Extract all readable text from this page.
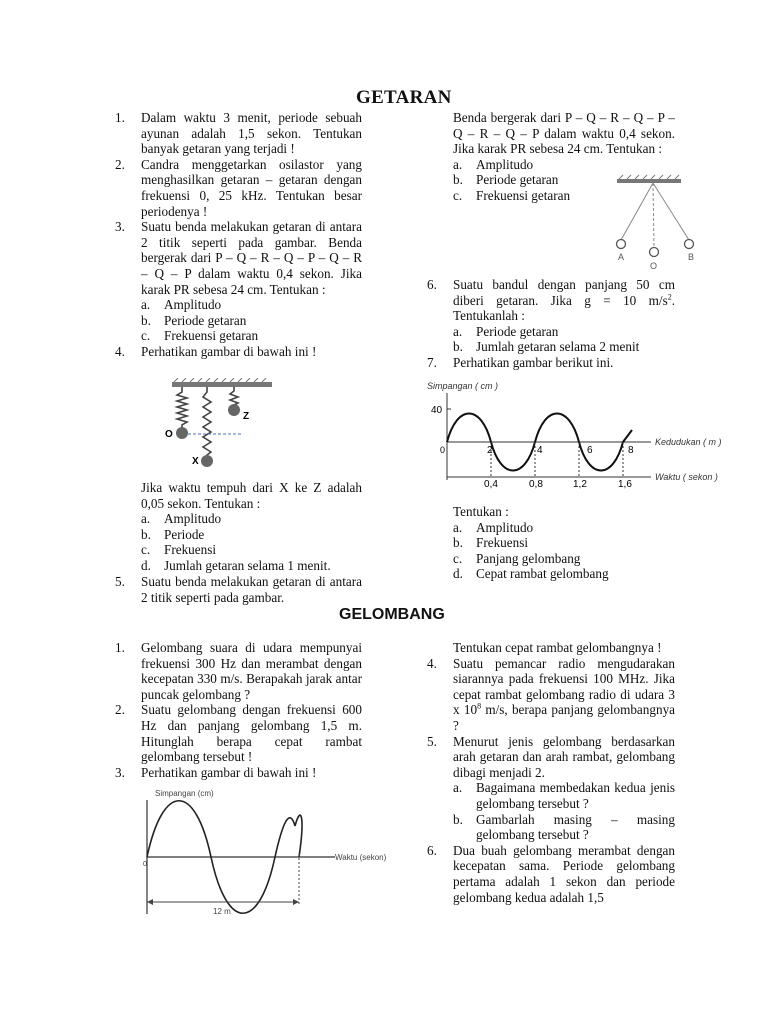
GETARAN
1. Dalam waktu 3 menit, periode sebuah ayunan adalah 1,5 sekon. Tentukan banyak getaran yang terjadi !
2. Candra menggetarkan osilastor yang menghasilkan getaran – getaran dengan frekuensi 0, 25 kHz. Tentukan besar periodenya !
3. Suatu benda melakukan getaran di antara 2 titik seperti pada gambar. Benda bergerak dari P – Q – R – Q – P – Q – R – Q – P dalam waktu 0,4 sekon. Jika karak PR sebesa 24 cm. Tentukan :
a. Amplitudo
b. Periode getaran
c. Frekuensi getaran
4. Perhatikan gambar di bawah ini !
Z
O
X
Jika waktu tempuh dari X ke Z adalah 0,05 sekon. Tentukan :
a. Amplitudo
b. Periode
c. Frekuensi
d. Jumlah getaran selama 1 menit.
5. Suatu benda melakukan getaran di antara 2 titik seperti pada gambar.
Benda bergerak dari P – Q – R – Q – P – Q – R – Q – P dalam waktu 0,4 sekon. Jika karak PR sebesa 24 cm. Tentukan :
a. Amplitudo
b. Periode getaran
c. Frekuensi getaran
A
O
B
6. Suatu bandul dengan panjang 50 cm diberi getaran. Jika g = 10 $m/s^2$. Tentukanlah :
a. Periode getaran
b. Jumlah getaran selama 2 menit
7. Perhatikan gambar berikut ini.
Simpangan ( cm )
40
0	2	4	6	8
Kedudukan ( m )
0,4	0,8	1,2	1,6
Waktu ( sekon )
Tentukan :
a. Amplitudo
b. Frekuensi
c. Panjang gelombang
d. Cepat rambat gelombang
GELOMBANG
1. Gelombang suara di udara mempunyai frekuensi 300 Hz dan merambat dengan kecepatan 330 m/s. Berapakah jarak antar puncak gelombang ?
2. Suatu gelombang dengan frekuensi 600 Hz dan panjang gelombang 1,5 m. Hitunglah berapa cepat rambat gelombang tersebut !
3. Perhatikan gambar di bawah ini !
Simpangan (cm)
0
12 m
Waktu (sekon)
Tentukan cepat rambat gelombangnya !
4. Suatu pemancar radio mengudarakan siarannya pada frekuensi 100 MHz. Jika cepat rambat gelombang radio di udara 3 x $10^8$ m/s, berapa panjang gelombangnya ?
5. Menurut jenis gelombang berdasarkan arah getaran dan arah rambat, gelombang dibagi menjadi 2.
a. Bagaimana membedakan kedua jenis gelombang tersebut ?
b. Gambarlah masing – masing gelombang tersebut ?
6. Dua buah gelombang merambat dengan kecepatan sama. Periode gelombang pertama adalah 1 sekon dan periode gelombang kedua adalah 1,5
